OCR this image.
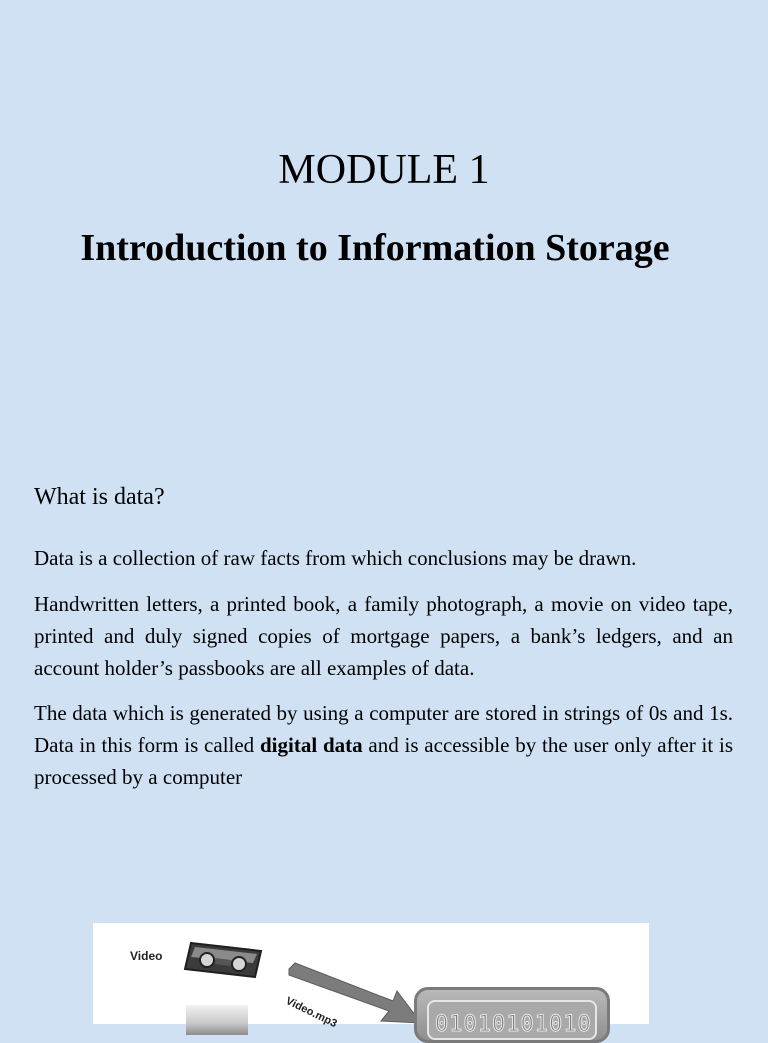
MODULE 1
Introduction to Information Storage

What is data?

Data is a collection of raw facts from which conclusions may be drawn.

Handwritten letters, a printed book, a family photograph, a movie on video tape, printed and duly signed copies of mortgage papers, a bank’s ledgers, and an account holder’s passbooks are all examples of data.

The data which is generated by using a computer are stored in strings of 0s and 1s. Data in this form is called digital data and is accessible by the user only after it is processed by a computer

Video
Video.mp3	01010101010
